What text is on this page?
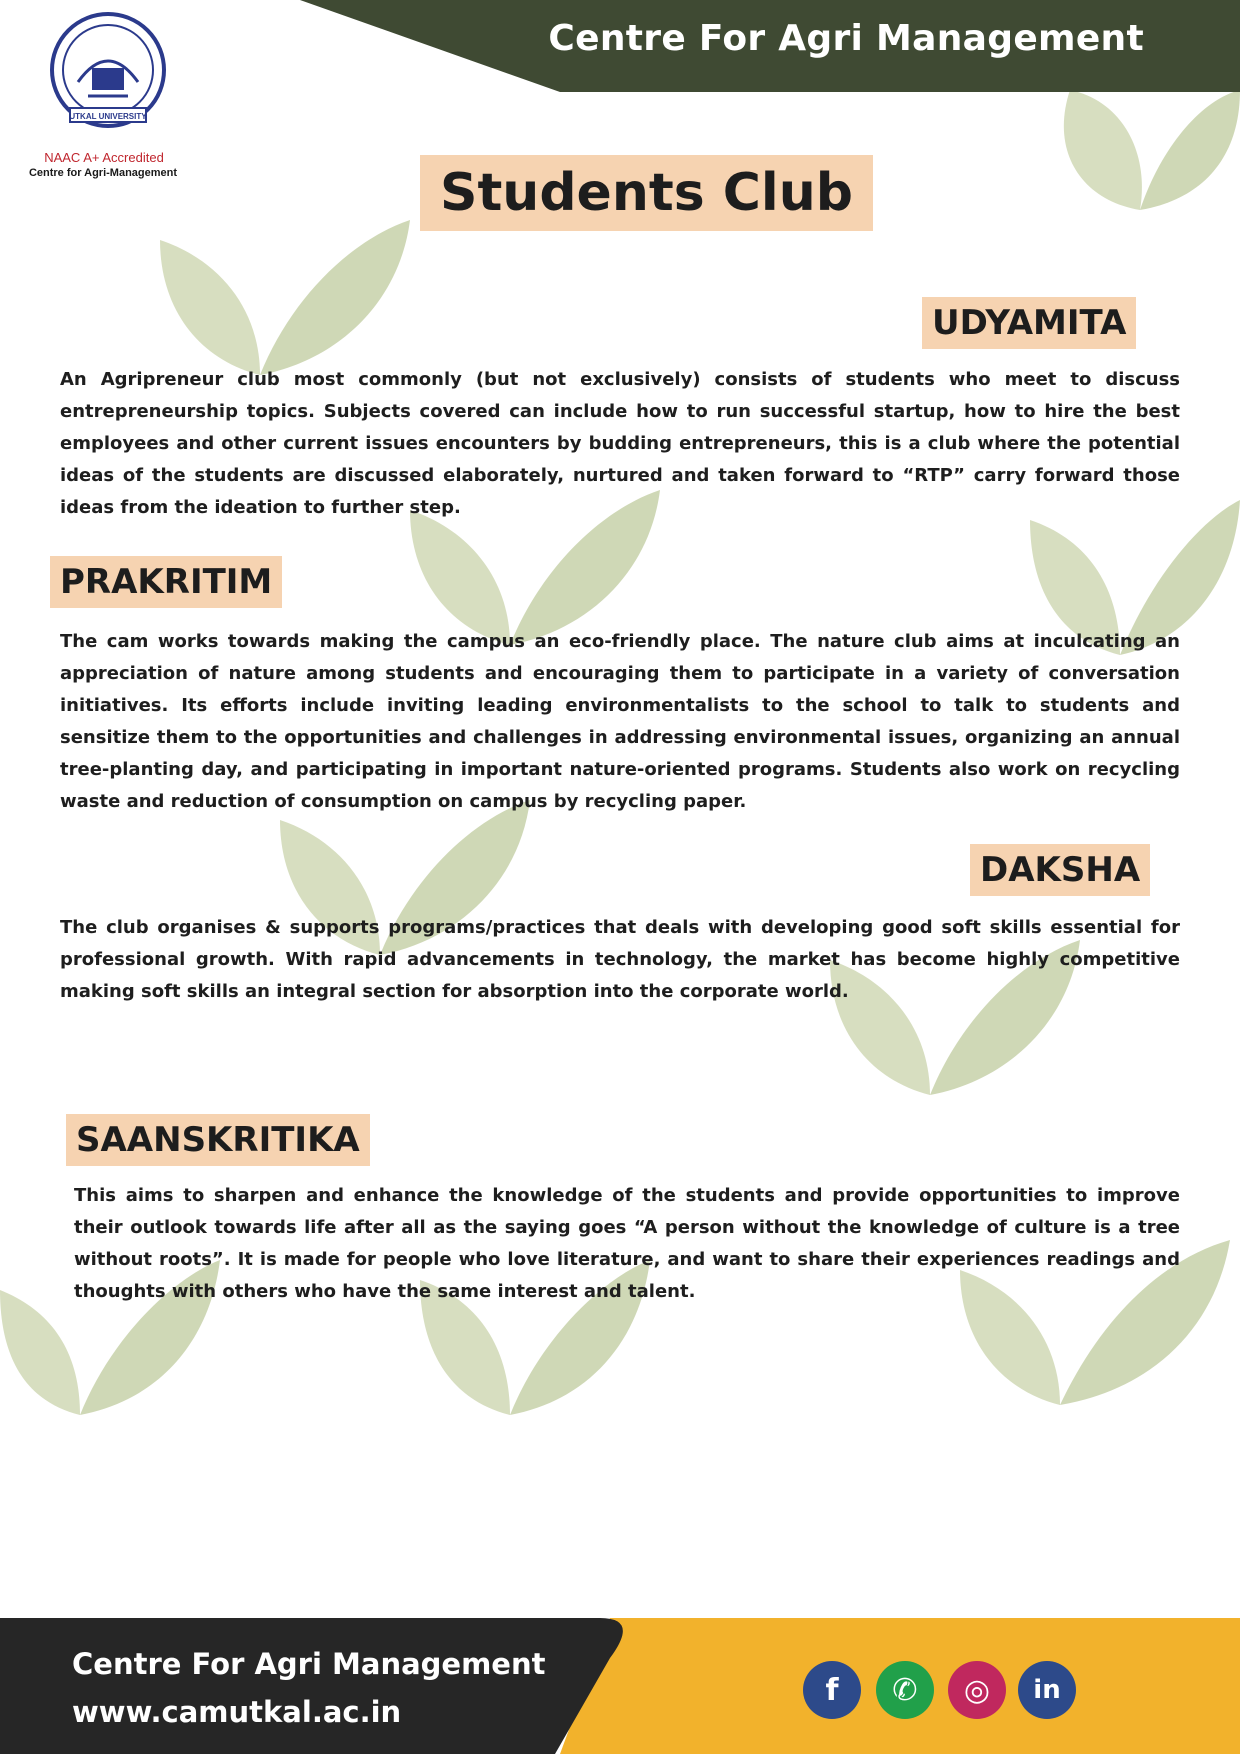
Centre For Agri Management
UTKAL UNIVERSITY
NAAC A+ Accredited
Centre for Agri-Management	Students Club
UDYAMITA
An Agripreneur club most commonly (but not exclusively) consists of students who meet to discuss entrepreneurship topics. Subjects covered can include how to run successful startup, how to hire the best employees and other current issues encounters by budding entrepreneurs, this is a club where the potential ideas of the students are discussed elaborately, nurtured and taken forward to “RTP” carry forward those ideas from the ideation to further step.
PRAKRITIM
The cam works towards making the campus an eco-friendly place. The nature club aims at inculcating an appreciation of nature among students and encouraging them to participate in a variety of conversation initiatives. Its efforts include inviting leading environmentalists to the school to talk to students and sensitize them to the opportunities and challenges in addressing environmental issues, organizing an annual tree-planting day, and participating in important nature-oriented programs. Students also work on recycling waste and reduction of consumption on campus by recycling paper.
DAKSHA
The club organises & supports programs/practices that deals with developing good soft skills essential for professional growth. With rapid advancements in technology, the market has become highly competitive making soft skills an integral section for absorption into the corporate world.
SAANSKRITIKA
This aims to sharpen and enhance the knowledge of the students and provide opportunities to improve their outlook towards life after all as the saying goes “A person without the knowledge of culture is a tree without roots”. It is made for people who love literature, and want to share their experiences readings and thoughts with others who have the same interest and talent.
Centre For Agri Management
www.camutkal.ac.in
f ✆ ◎ in
